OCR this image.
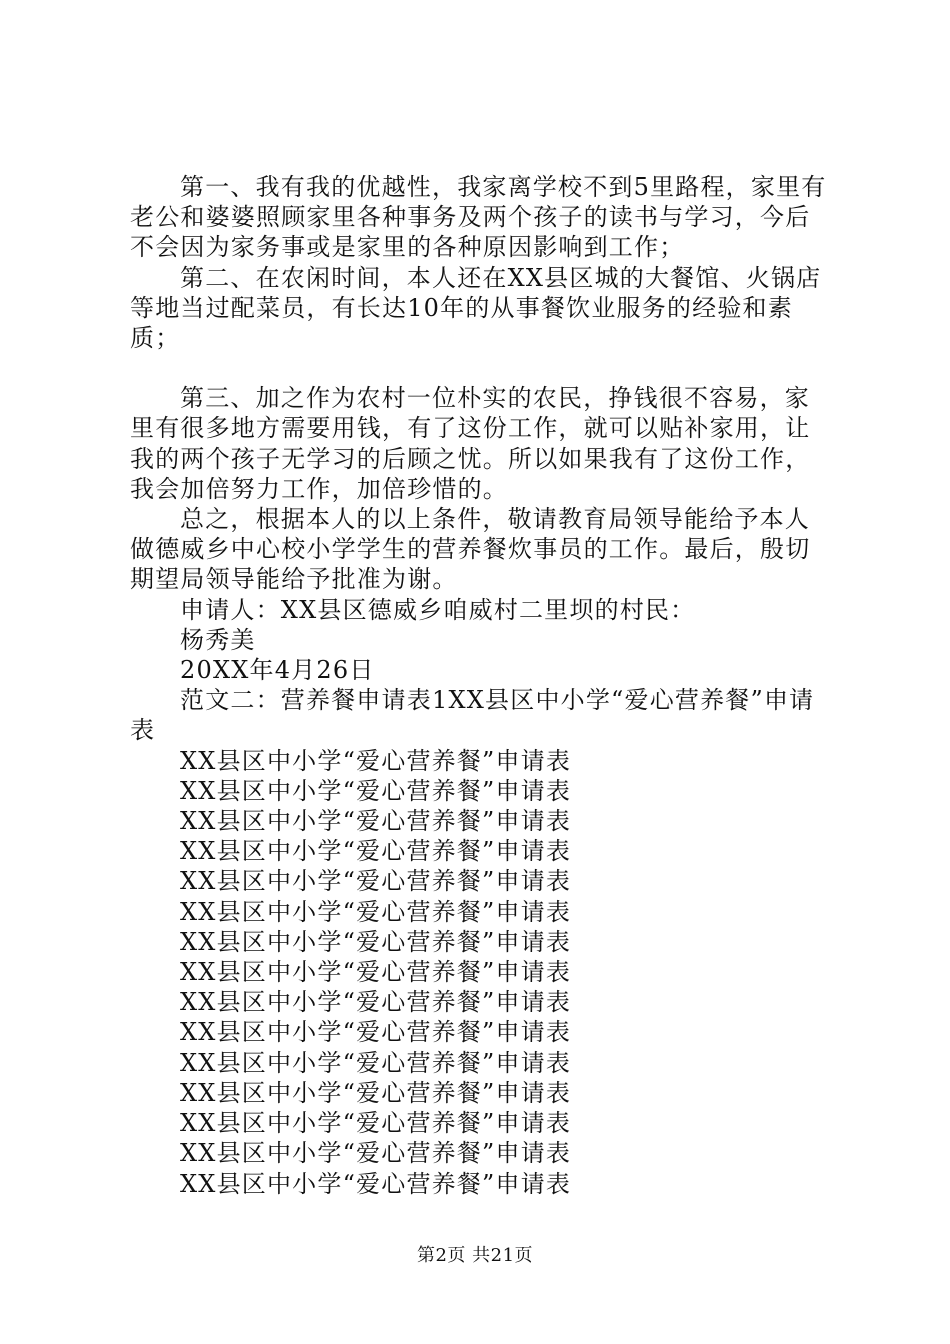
第一、我有我的优越性，我家离学校不到5里路程，家里有老公和婆婆照顾家里各种事务及两个孩子的读书与学习，今后不会因为家务事或是家里的各种原因影响到工作；

第二、在农闲时间，本人还在XX县区城的大餐馆、火锅店等地当过配菜员，有长达10年的从事餐饮业服务的经验和素质；

第三、加之作为农村一位朴实的农民，挣钱很不容易，家里有很多地方需要用钱，有了这份工作，就可以贴补家用，让我的两个孩子无学习的后顾之忧。所以如果我有了这份工作，我会加倍努力工作，加倍珍惜的。

总之，根据本人的以上条件，敬请教育局领导能给予本人做德威乡中心校小学学生的营养餐炊事员的工作。最后，殷切期望局领导能给予批准为谢。

申请人：XX县区德威乡咱威村二里坝的村民：

杨秀美

20XX年4月26日

范文二：营养餐申请表1XX县区中小学“爱心营养餐”申请表

XX县区中小学“爱心营养餐”申请表
XX县区中小学“爱心营养餐”申请表
XX县区中小学“爱心营养餐”申请表
XX县区中小学“爱心营养餐”申请表
XX县区中小学“爱心营养餐”申请表
XX县区中小学“爱心营养餐”申请表
XX县区中小学“爱心营养餐”申请表
XX县区中小学“爱心营养餐”申请表
XX县区中小学“爱心营养餐”申请表
XX县区中小学“爱心营养餐”申请表
XX县区中小学“爱心营养餐”申请表
XX县区中小学“爱心营养餐”申请表
XX县区中小学“爱心营养餐”申请表
XX县区中小学“爱心营养餐”申请表
XX县区中小学“爱心营养餐”申请表
第2页 共21页
